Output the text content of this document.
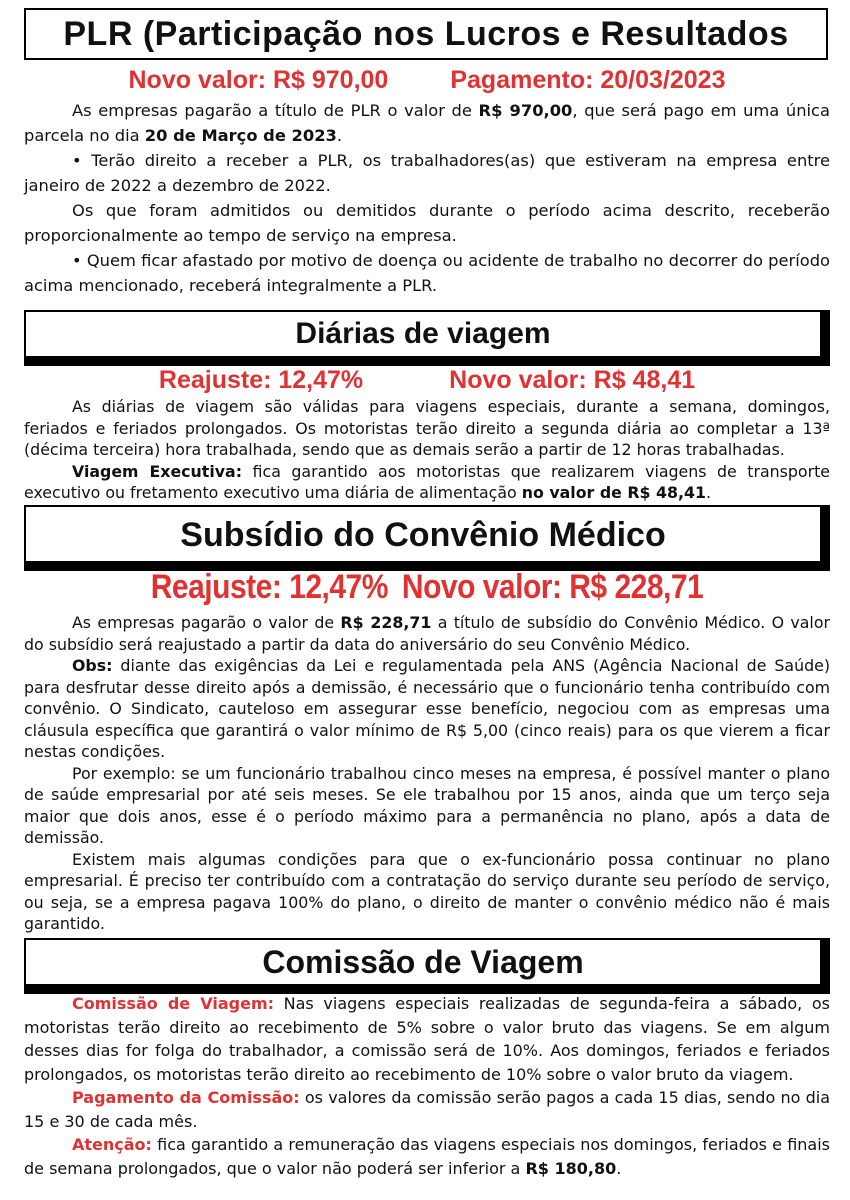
PLR (Participação nos Lucros e Resultados
Novo valor: R$ 970,00 Pagamento: 20/03/2023

As empresas pagarão a título de PLR o valor de R$ 970,00, que será pago em uma única parcela no dia 20 de Março de 2023.

• Terão direito a receber a PLR, os trabalhadores(as) que estiveram na empresa entre janeiro de 2022 a dezembro de 2022.

Os que foram admitidos ou demitidos durante o período acima descrito, receberão proporcionalmente ao tempo de serviço na empresa.

• Quem ficar afastado por motivo de doença ou acidente de trabalho no decorrer do período acima mencionado, receberá integralmente a PLR.

Diárias de viagem
Reajuste: 12,47%	Novo valor: R$ 48,41

As diárias de viagem são válidas para viagens especiais, durante a semana, domingos, feriados e feriados prolongados. Os motoristas terão direito a segunda diária ao completar a 13ª (décima terceira) hora trabalhada, sendo que as demais serão a partir de 12 horas trabalhadas.

Viagem Executiva: fica garantido aos motoristas que realizarem viagens de transporte executivo ou fretamento executivo uma diária de alimentação no valor de R$ 48,41.

Subsídio do Convênio Médico
Reajuste: 12,47% Novo valor: R$ 228,71

As empresas pagarão o valor de R$ 228,71 a título de subsídio do Convênio Médico. O valor do subsídio será reajustado a partir da data do aniversário do seu Convênio Médico.

Obs: diante das exigências da Lei e regulamentada pela ANS (Agência Nacional de Saúde) para desfrutar desse direito após a demissão, é necessário que o funcionário tenha contribuído com convênio. O Sindicato, cauteloso em assegurar esse benefício, negociou com as empresas uma cláusula específica que garantirá o valor mínimo de R$ 5,00 (cinco reais) para os que vierem a ficar nestas condições.

Por exemplo: se um funcionário trabalhou cinco meses na empresa, é possível manter o plano de saúde empresarial por até seis meses. Se ele trabalhou por 15 anos, ainda que um terço seja maior que dois anos, esse é o período máximo para a permanência no plano, após a data de demissão.

Existem mais algumas condições para que o ex-funcionário possa continuar no plano empresarial. É preciso ter contribuído com a contratação do serviço durante seu período de serviço, ou seja, se a empresa pagava 100% do plano, o direito de manter o convênio médico não é mais garantido.

Comissão de Viagem

Comissão de Viagem: Nas viagens especiais realizadas de segunda-feira a sábado, os motoristas terão direito ao recebimento de 5% sobre o valor bruto das viagens. Se em algum desses dias for folga do trabalhador, a comissão será de 10%. Aos domingos, feriados e feriados prolongados, os motoristas terão direito ao recebimento de 10% sobre o valor bruto da viagem.

Pagamento da Comissão: os valores da comissão serão pagos a cada 15 dias, sendo no dia 15 e 30 de cada mês.

Atenção: fica garantido a remuneração das viagens especiais nos domingos, feriados e finais de semana prolongados, que o valor não poderá ser inferior a R$ 180,80.
